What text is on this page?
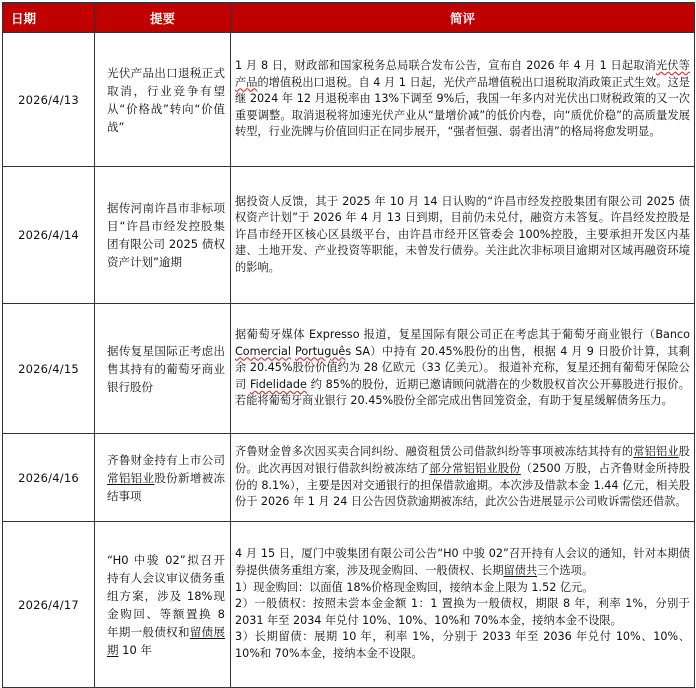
日期	提要	简评
2026/4/13	光伏产品出口退税正式取消，行业竞争有望从“价格战”转向“价值战”	1 月 8 日，财政部和国家税务总局联合发布公告，宣布自 2026 年 4 月 1 日起取消光伏等产品的增值税出口退税。自 4 月 1 日起，光伏产品增值税出口退税取消政策正式生效。这是继 2024 年 12 月退税率由 13%下调至 9%后，我国一年多内对光伏出口财税政策的又一次重要调整。取消退税将加速光伏产业从“量增价减”的低价内卷，向“质优价稳”的高质量发展转型，行业洗牌与价值回归正在同步展开，“强者恒强、弱者出清”的格局将愈发明显。
2026/4/14	据传河南许昌市非标项目“许昌市经发控股集团有限公司 2025 债权资产计划”逾期	据投资人反馈，其于 2025 年 10 月 14 日认购的“许昌市经发控股集团有限公司 2025 债权资产计划”于 2026 年 4 月 13 日到期，目前仍未兑付，融资方未答复。许昌经发控股是许昌市经开区核心区县级平台，由许昌市经开区管委会 100%控股，主要承担开发区内基建、土地开发、产业投资等职能，未曾发行债券。关注此次非标项目逾期对区域再融资环境的影响。
2026/4/15	据传复星国际正考虑出售其持有的葡萄牙商业银行股份	据葡萄牙媒体 Expresso 报道，复星国际有限公司正在考虑其于葡萄牙商业银行（Banco Comercial Português SA）中持有 20.45%股份的出售，根据 4 月 9 日股价计算，其剩余 20.45%股份价值约为 28 亿欧元（33 亿美元）。 报道补充称，复星还拥有葡萄牙保险公司 Fidelidade 约 85%的股份，近期已邀请顾问就潜在的少数股权首次公开募股进行报价。若能将葡萄牙商业银行 20.45%股份全部完成出售回笼资金，有助于复星缓解债务压力。
2026/4/16	齐鲁财金持有上市公司常铝铝业股份新增被冻结事项	齐鲁财金曾多次因买卖合同纠纷、融资租赁公司借款纠纷等事项被冻结其持有的常铝铝业股份。此次再因对银行借款纠纷被冻结了部分常铝铝业股份（2500 万股，占齐鲁财金所持股份的 8.1%），主要是因对交通银行的担保借款逾期。本次涉及借款本金 1.44 亿元，相关股份于 2026 年 1 月 24 日公告因贷款逾期被冻结，此次公告进展显示公司败诉需偿还借款。
2026/4/17	“H0 中骏 02”拟召开持有人会议审议债务重组方案，涉及 18%现金购回、等额置换 8 年期一般债权和留债展期 10 年	4 月 15 日，厦门中骏集团有限公司公告“H0 中骏 02”召开持有人会议的通知，针对本期债券提供债务重组方案，涉及现金购回、一般债权、长期留债共三个选项。
1）现金购回：以面值 18%价格现金购回，接纳本金上限为 1.52 亿元。
2）一般债权：按照未尝本金金额 1：1 置换为一般债权，期限 8 年，利率 1%，分别于 2031 年至 2034 年兑付 10%、10%、10%和 70%本金，接纳本金不设限。
3）长期留债：展期 10 年，利率 1%，分别于 2033 年至 2036 年兑付 10%、10%、10%和 70%本金，接纳本金不设限。
